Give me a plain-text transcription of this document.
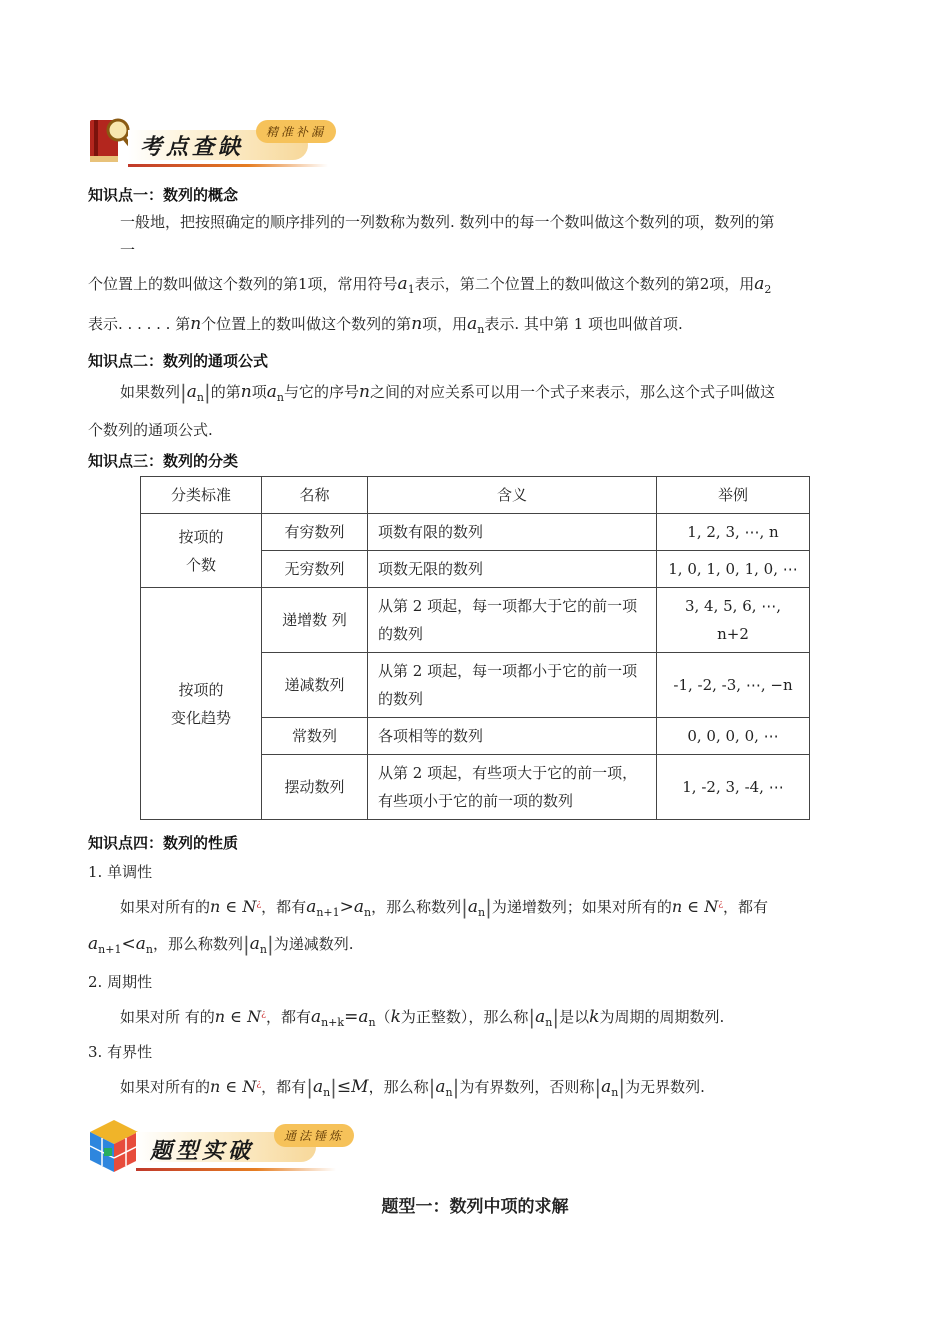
考点查缺
精准补漏
知识点一：数列的概念
一般地，把按照确定的顺序排列的一列数称为数列. 数列中的每一个数叫做这个数列的项，数列的第
一
个位置上的数叫做这个数列的第1项，常用符号$a_1$表示，第二个位置上的数叫做这个数列的第2项，用$a_2$
表示. . . . . . 第n个位置上的数叫做这个数列的第n项，用$a_n$表示. 其中第 1 项也叫做首项.
知识点二：数列的通项公式
如果数列$|a_n|$的第n项$a_n$与它的序号n之间的对应关系可以用一个式子来表示，那么这个式子叫做这
个数列的通项公式.
知识点三：数列的分类
分类标准	名称	含义	举例
按项的
个数	有穷数列	项数有限的数列	1, 2, 3, ⋯, n
	无穷数列	项数无限的数列	1, 0, 1, 0, 1, 0, ⋯
按项的
变化趋势	递增数 列	从第 2 项起，每一项都大于它的前一项的数列	3, 4, 5, 6, ⋯, n+2
	递减数列	从第 2 项起，每一项都小于它的前一项的数列	-1, -2, -3, ⋯, −n
	常数列	各项相等的数列	0, 0, 0, 0, ⋯
	摆动数列	从第 2 项起，有些项大于它的前一项，有些项小于它的前一项的数列	1, -2, 3, -4, ⋯
知识点四：数列的性质
1. 单调性
如果对所有的n ∈ N¿，都有$a_{n+1}>a_n$，那么称数列$|a_n|$为递增数列；如果对所有的n ∈ N¿，都有
$a_{n+1}<a_n$，那么称数列$|a_n|$为递减数列.
2. 周期性
如果对所 有的n ∈ N¿，都有$a_{n+k}=a_n(k$为正整数），那么称$|a_n|$是以k为周期的周期数列.
3. 有界性
如果对所有的n ∈ N¿，都有$|a_n|\le M$，那么称$|a_n|$为有界数列，否则称$|a_n|$为无界数列.
题型实破
通法锤炼
题型一：数列中项的求解
